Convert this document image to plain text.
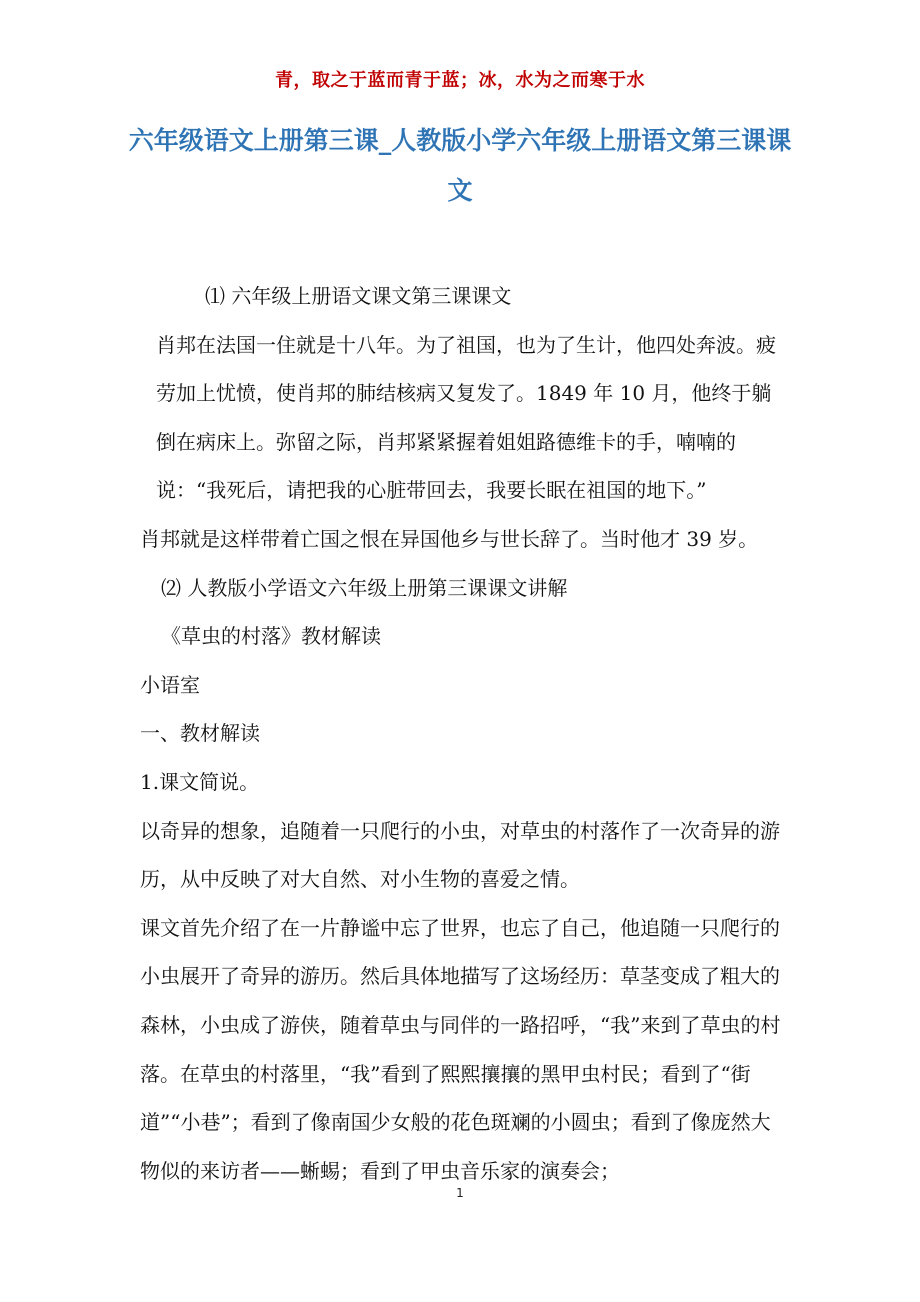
青，取之于蓝而青于蓝；冰，水为之而寒于水
六年级语文上册第三课_人教版小学六年级上册语文第三课课文

⑴ 六年级上册语文课文第三课课文

肖邦在法国一住就是十八年。为了祖国，也为了生计，他四处奔波。疲劳加上忧愤，使肖邦的肺结核病又复发了。1849 年 10 月，他终于躺倒在病床上。弥留之际，肖邦紧紧握着姐姐路德维卡的手，喃喃的说：“我死后，请把我的心脏带回去，我要长眠在祖国的地下。”

肖邦就是这样带着亡国之恨在异国他乡与世长辞了。当时他才 39 岁。

⑵ 人教版小学语文六年级上册第三课课文讲解

《草虫的村落》教材解读

小语室

一、教材解读

1.课文简说。

以奇异的想象，追随着一只爬行的小虫，对草虫的村落作了一次奇异的游历，从中反映了对大自然、对小生物的喜爱之情。

课文首先介绍了在一片静谧中忘了世界，也忘了自己，他追随一只爬行的小虫展开了奇异的游历。然后具体地描写了这场经历：草茎变成了粗大的森林，小虫成了游侠，随着草虫与同伴的一路招呼，“我”来到了草虫的村落。在草虫的村落里，“我”看到了熙熙攘攘的黑甲虫村民；看到了“街道”“小巷”；看到了像南国少女般的花色斑斓的小圆虫；看到了像庞然大物似的来访者——蜥蜴；看到了甲虫音乐家的演奏会；

1
